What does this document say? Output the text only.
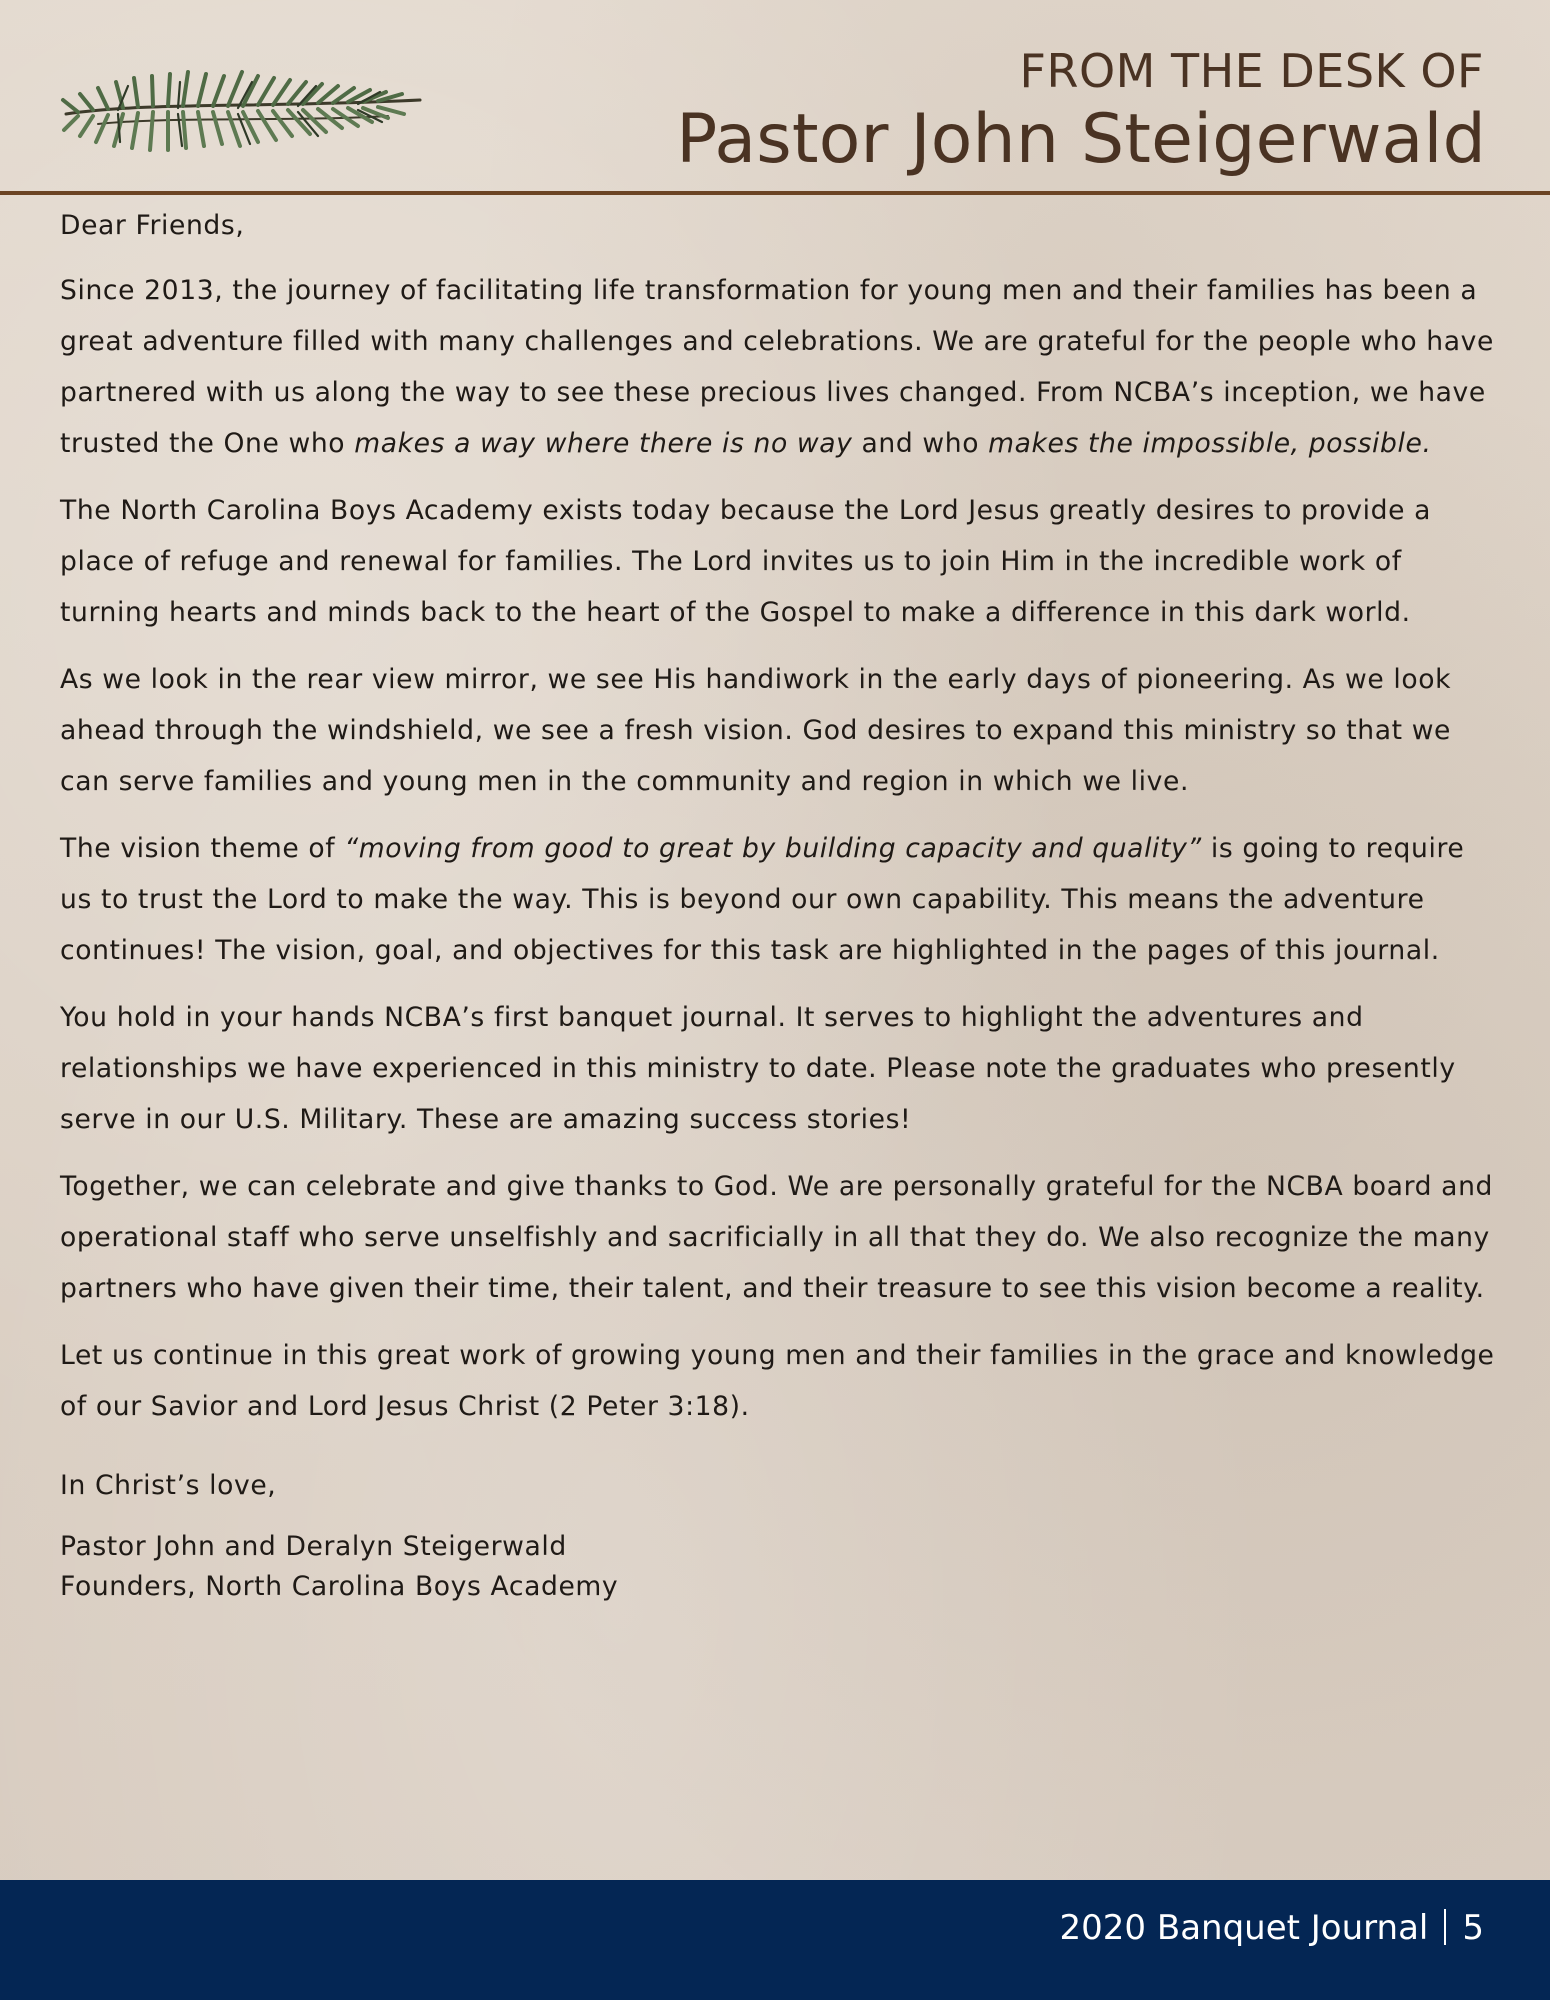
FROM THE DESK OF
Pastor John Steigerwald

Dear Friends,

Since 2013, the journey of facilitating life transformation for young men and their families has been a great adventure filled with many challenges and celebrations. We are grateful for the people who have partnered with us along the way to see these precious lives changed. From NCBA’s inception, we have trusted the One who makes a way where there is no way and who makes the impossible, possible.

The North Carolina Boys Academy exists today because the Lord Jesus greatly desires to provide a place of refuge and renewal for families. The Lord invites us to join Him in the incredible work of turning hearts and minds back to the heart of the Gospel to make a difference in this dark world.

As we look in the rear view mirror, we see His handiwork in the early days of pioneering. As we look ahead through the windshield, we see a fresh vision. God desires to expand this ministry so that we can serve families and young men in the community and region in which we live.

The vision theme of “moving from good to great by building capacity and quality” is going to require us to trust the Lord to make the way. This is beyond our own capability. This means the adventure continues! The vision, goal, and objectives for this task are highlighted in the pages of this journal.

You hold in your hands NCBA’s first banquet journal. It serves to highlight the adventures and relationships we have experienced in this ministry to date. Please note the graduates who presently serve in our U.S. Military. These are amazing success stories!

Together, we can celebrate and give thanks to God. We are personally grateful for the NCBA board and operational staff who serve unselfishly and sacrificially in all that they do. We also recognize the many partners who have given their time, their talent, and their treasure to see this vision become a reality.

Let us continue in this great work of growing young men and their families in the grace and knowledge of our Savior and Lord Jesus Christ (2 Peter 3:18).

In Christ’s love,

Pastor John and Deralyn Steigerwald
Founders, North Carolina Boys Academy

2020 Banquet Journal 5
